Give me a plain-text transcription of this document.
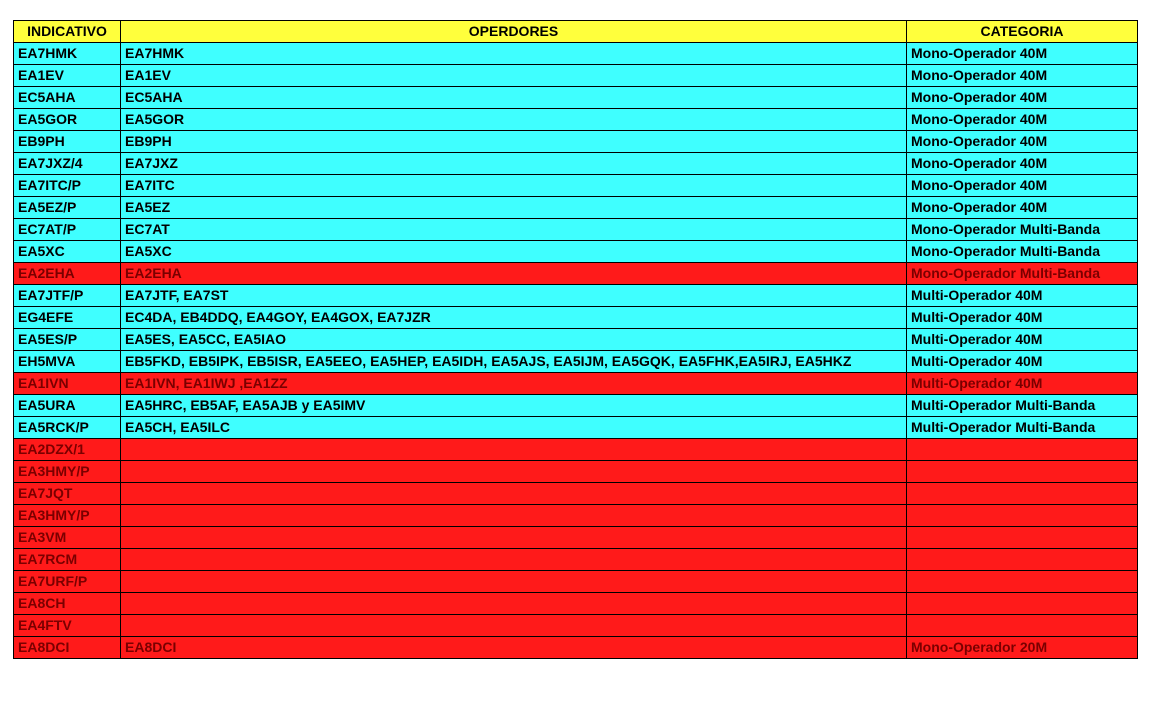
INDICATIVO	OPERDORES	CATEGORIA
EA7HMK	EA7HMK	Mono-Operador 40M
EA1EV	EA1EV	Mono-Operador 40M
EC5AHA	EC5AHA	Mono-Operador 40M
EA5GOR	EA5GOR	Mono-Operador 40M
EB9PH	EB9PH	Mono-Operador 40M
EA7JXZ/4	EA7JXZ	Mono-Operador 40M
EA7ITC/P	EA7ITC	Mono-Operador 40M
EA5EZ/P	EA5EZ	Mono-Operador 40M
EC7AT/P	EC7AT	Mono-Operador Multi-Banda
EA5XC	EA5XC	Mono-Operador Multi-Banda
EA2EHA	EA2EHA	Mono-Operador Multi-Banda
EA7JTF/P	EA7JTF, EA7ST	Multi-Operador 40M
EG4EFE	EC4DA, EB4DDQ, EA4GOY, EA4GOX, EA7JZR	Multi-Operador 40M
EA5ES/P	EA5ES, EA5CC, EA5IAO	Multi-Operador 40M
EH5MVA	EB5FKD, EB5IPK, EB5ISR, EA5EEO, EA5HEP, EA5IDH, EA5AJS, EA5IJM, EA5GQK, EA5FHK,EA5IRJ, EA5HKZ	Multi-Operador 40M
EA1IVN	EA1IVN, EA1IWJ ,EA1ZZ	Multi-Operador 40M
EA5URA	EA5HRC, EB5AF, EA5AJB y EA5IMV	Multi-Operador Multi-Banda
EA5RCK/P	EA5CH, EA5ILC	Multi-Operador Multi-Banda
EA2DZX/1		
EA3HMY/P		
EA7JQT		
EA3HMY/P		
EA3VM		
EA7RCM		
EA7URF/P		
EA8CH		
EA4FTV		
EA8DCI	EA8DCI	Mono-Operador 20M
